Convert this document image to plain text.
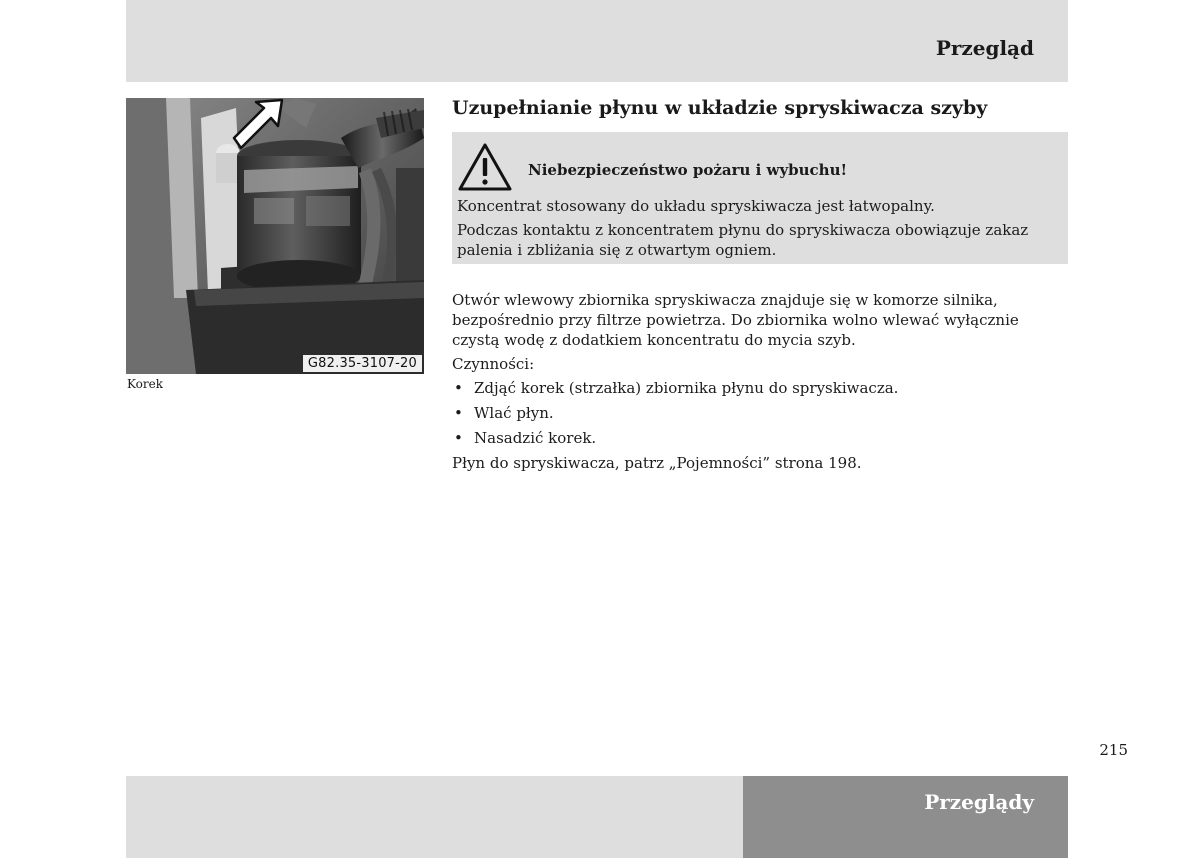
Przegląd
G82.35-3107-20
Korek
Uzupełnianie płynu w układzie spryskiwacza szyby
Niebezpieczeństwo pożaru i wybuchu!

Koncentrat stosowany do układu spryskiwacza jest łatwopalny.

Podczas kontaktu z koncentratem płynu do spryskiwacza obowiązuje zakaz palenia i zbliżania się z otwartym ogniem.

Otwór wlewowy zbiornika spryskiwacza znajduje się w komorze silnika, bezpośrednio przy filtrze powietrza. Do zbiornika wolno wlewać wyłącznie czystą wodę z dodatkiem koncentratu do mycia szyb.

Czynności:

• Zdjąć korek (strzałka) zbiornika płynu do spryskiwacza.
• Wlać płyn.
• Nasadzić korek.

Płyn do spryskiwacza, patrz „Pojemności” strona 198.

215
Przeglądy
